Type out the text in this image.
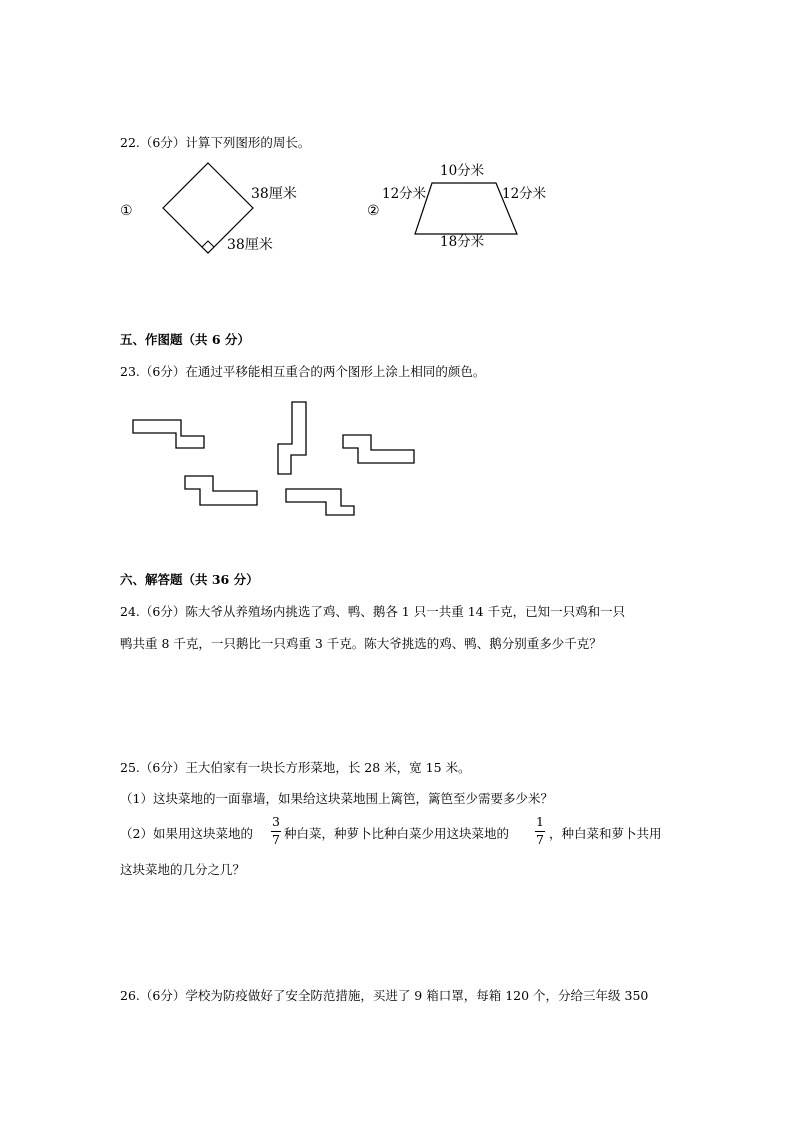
22.（6分）计算下列图形的周长。
①
38厘米
38厘米
②
10分米
12分米	12分米
18分米
五、作图题（共 6 分）
23.（6分）在通过平移能相互重合的两个图形上涂上相同的颜色。
六、解答题（共 36 分）
24.（6分）陈大爷从养殖场内挑选了鸡、鸭、鹅各 1 只一共重 14 千克，已知一只鸡和一只
鸭共重 8 千克，一只鹅比一只鸡重 3 千克。陈大爷挑选的鸡、鸭、鹅分别重多少千克？
25.（6分）王大伯家有一块长方形菜地，长 28 米，宽 15 米。
（1）这块菜地的一面靠墙，如果给这块菜地围上篱笆，篱笆至少需要多少米？
（2）如果用这块菜地的
3
7 种白菜，种萝卜比种白菜少用这块菜地的
1
7 ，种白菜和萝卜共用
这块菜地的几分之几？
26.（6分）学校为防疫做好了安全防范措施，买进了 9 箱口罩，每箱 120 个，分给三年级 350
